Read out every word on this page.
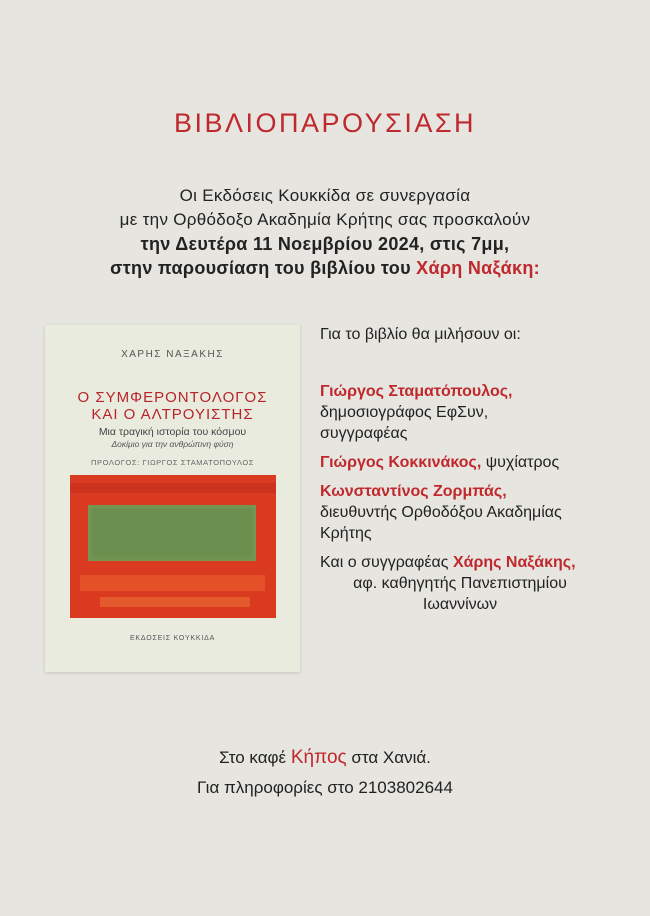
ΒΙΒΛΙΟΠΑΡΟΥΣΙΑΣΗ
Οι Εκδόσεις Κουκκίδα σε συνεργασία
με την Ορθόδοξο Ακαδημία Κρήτης σας προσκαλούν
την Δευτέρα 11 Νοεμβρίου 2024, στις 7μμ,
στην παρουσίαση του βιβλίου του Χάρη Ναξάκη:
ΧΑΡΗΣ ΝΑΞΑΚΗΣ
Ο ΣΥΜΦΕΡΟΝΤΟΛΟΓΟΣ
ΚΑΙ Ο ΑΛΤΡΟΥΙΣΤΗΣ
Μια τραγική ιστορία του κόσμου
Δοκίμιο για την ανθρώπινη φύση
ΠΡΟΛΟΓΟΣ: ΓΙΩΡΓΟΣ ΣΤΑΜΑΤΟΠΟΥΛΟΣ
ΕΚΔΟΣΕΙΣ ΚΟΥΚΚΙΔΑ
Για το βιβλίο θα μιλήσουν οι:
Γιώργος Σταματόπουλος,
δημοσιογράφος ΕφΣυν,
συγγραφέας
Γιώργος Κοκκινάκος, ψυχίατρος
Κωνσταντίνος Ζορμπάς,
διευθυντής Ορθοδόξου Ακαδημίας
Κρήτης
Και ο συγγραφέας Χάρης Ναξάκης,
αφ. καθηγητής Πανεπιστημίου
Ιωαννίνων
Στο καφέ Κήπος στα Χανιά.
Για πληροφορίες στο 2103802644
